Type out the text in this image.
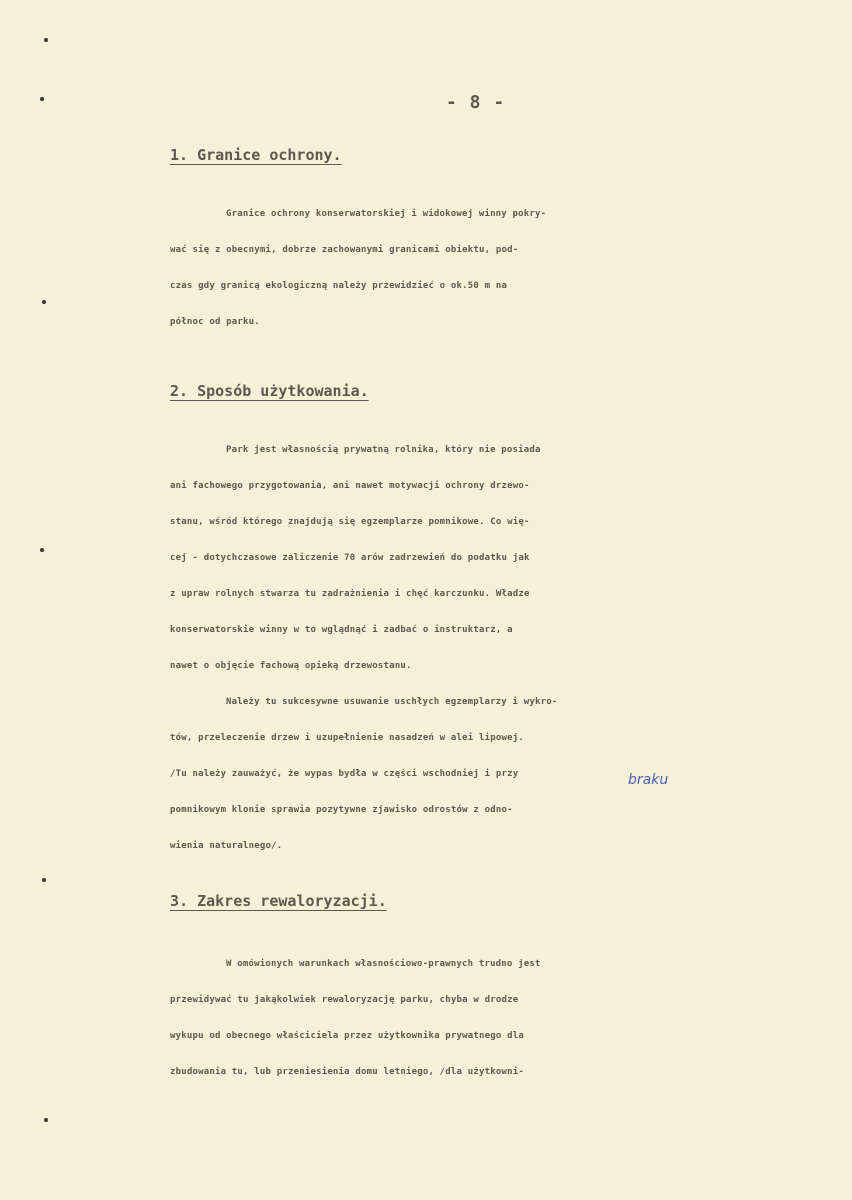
- 8 -
1. Granice ochrony.
Granice ochrony konserwatorskiej i widokowej winny pokry-
wać się z obecnymi, dobrze zachowanymi granicami obiektu, pod-
czas gdy granicą ekologiczną należy przewidzieć o ok.50 m na
północ od parku.
2. Sposób użytkowania.
Park jest własnością prywatną rolnika, który nie posiada
ani fachowego przygotowania, ani nawet motywacji ochrony drzewo-
stanu, wśród którego znajdują się egzemplarze pomnikowe. Co wię-
cej - dotychczasowe zaliczenie 70 arów zadrzewień do podatku jak
z upraw rolnych stwarza tu zadrażnienia i chęć karczunku. Władze
konserwatorskie winny w to wglądnąć i zadbać o instruktarz, a
nawet o objęcie fachową opieką drzewostanu.
Należy tu sukcesywne usuwanie uschłych egzemplarzy i wykro-
tów, przeleczenie drzew i uzupełnienie nasadzeń w alei lipowej.
/Tu należy zauważyć, że wypas bydła w części wschodniej i przy
pomnikowym klonie sprawia pozytywne zjawisko odrostów z odno-
wienia naturalnego/.
braku
3. Zakres rewaloryzacji.
W omówionych warunkach własnościowo-prawnych trudno jest
przewidywać tu jakąkolwiek rewaloryzację parku, chyba w drodze
wykupu od obecnego właściciela przez użytkownika prywatnego dla
zbudowania tu, lub przeniesienia domu letniego, /dla użytkowni-
